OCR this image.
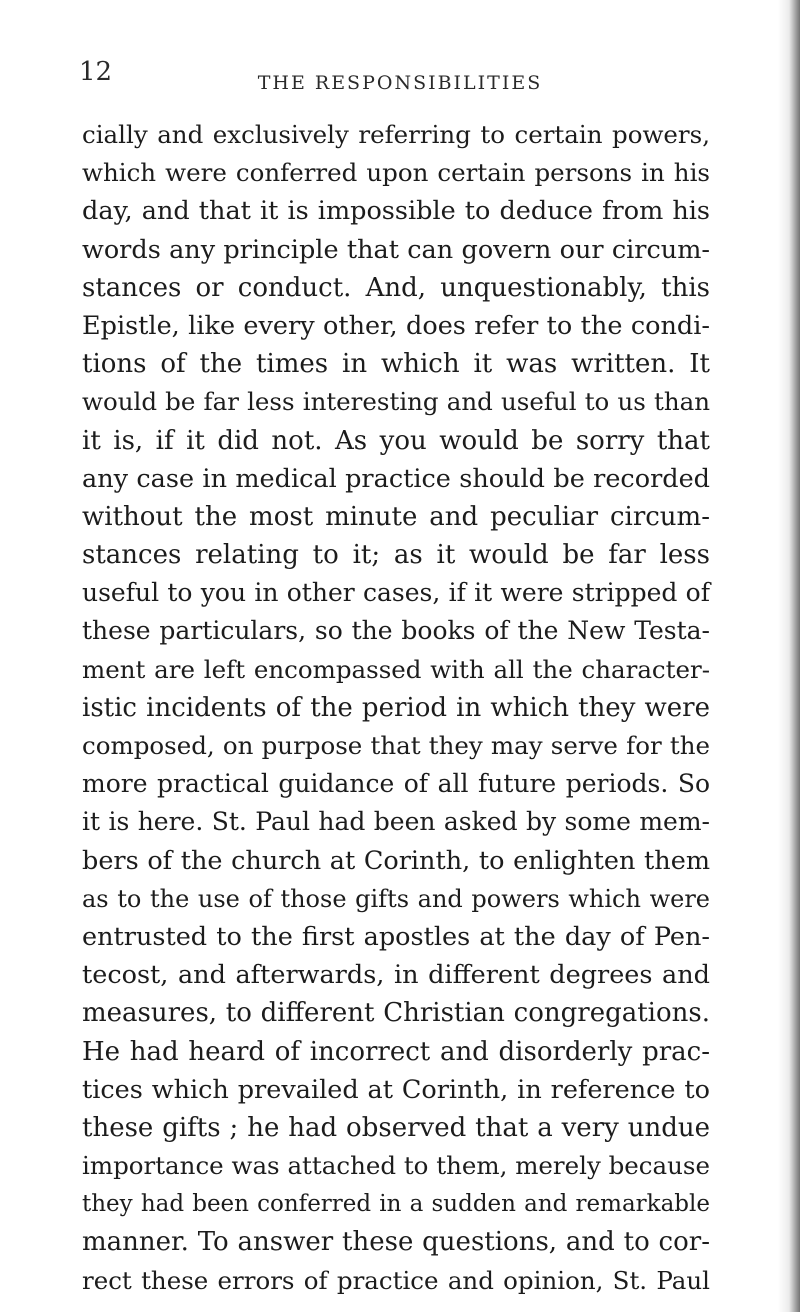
12	THE RESPONSIBILITIES
cially and exclusively referring to certain powers,
which were conferred upon certain persons in his
day, and that it is impossible to deduce from his
words any principle that can govern our circum-
stances or conduct. And, unquestionably, this
Epistle, like every other, does refer to the condi-
tions of the times in which it was written. It
would be far less interesting and useful to us than
it is, if it did not. As you would be sorry that
any case in medical practice should be recorded
without the most minute and peculiar circum-
stances relating to it; as it would be far less
useful to you in other cases, if it were stripped of
these particulars, so the books of the New Testa-
ment are left encompassed with all the character-
istic incidents of the period in which they were
composed, on purpose that they may serve for the
more practical guidance of all future periods. So
it is here. St. Paul had been asked by some mem-
bers of the church at Corinth, to enlighten them
as to the use of those gifts and powers which were
entrusted to the first apostles at the day of Pen-
tecost, and afterwards, in different degrees and
measures, to different Christian congregations.
He had heard of incorrect and disorderly prac-
tices which prevailed at Corinth, in reference to
these gifts ; he had observed that a very undue
importance was attached to them, merely because
they had been conferred in a sudden and remarkable
manner. To answer these questions, and to cor-
rect these errors of practice and opinion, St. Paul
